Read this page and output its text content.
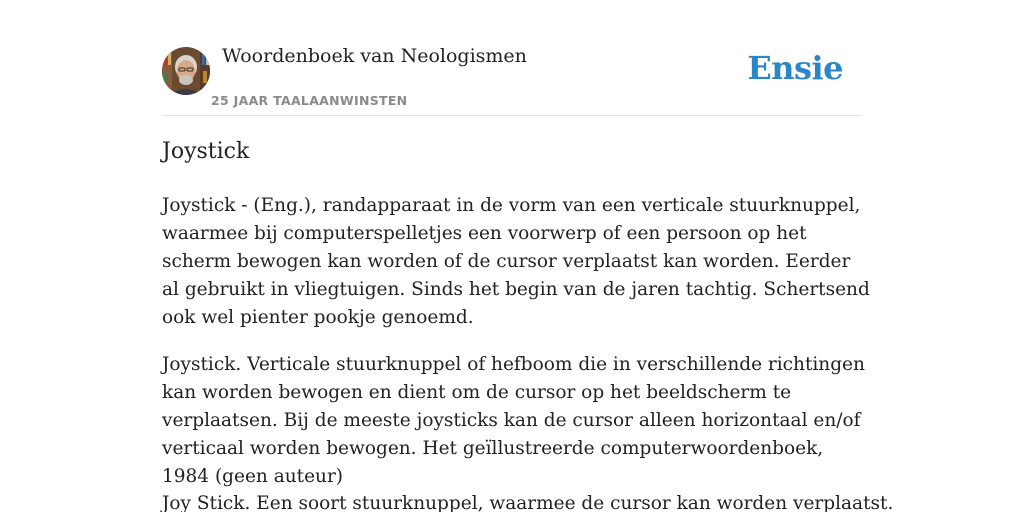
Woordenboek van Neologismen
25 JAAR TAALAANWINSTEN
Ensie
Joystick

Joystick - (Eng.), randapparaat in de vorm van een verticale stuurknuppel, waarmee bij computerspelletjes een voorwerp of een persoon op het scherm bewogen kan worden of de cursor verplaatst kan worden. Eerder al gebruikt in vliegtuigen. Sinds het begin van de jaren tachtig. Schertsend ook wel pienter pookje genoemd.

Joystick. Verticale stuurknuppel of hefboom die in verschillende richtingen kan worden bewogen en dient om de cursor op het beeldscherm te verplaatsen. Bij de meeste joysticks kan de cursor alleen horizontaal en/of verticaal worden bewogen. Het geïllustreerde computerwoordenboek, 1984 (geen auteur)

Joy Stick. Een soort stuurknuppel, waarmee de cursor kan worden verplaatst.
